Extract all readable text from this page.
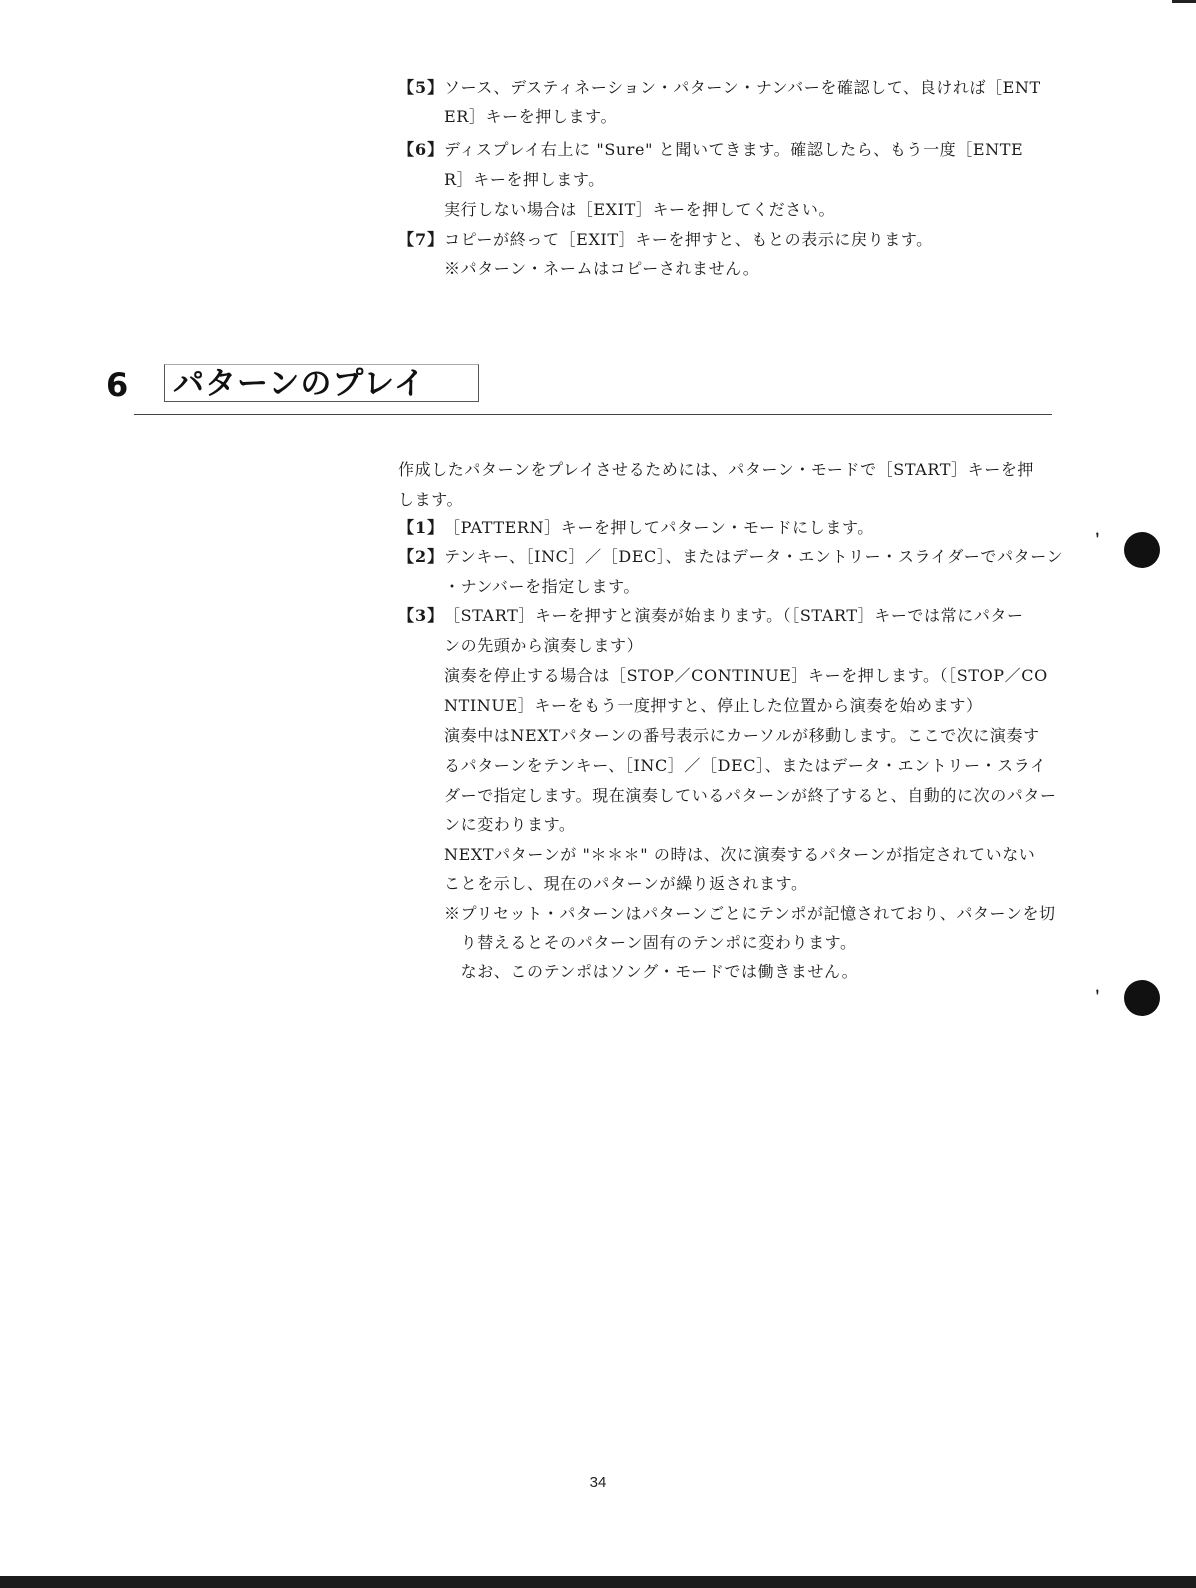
【5】ソース、デスティネーション・パターン・ナンバーを確認して、良ければ［ENT
ER］キーを押します。
【6】ディスプレイ右上に "Sure" と聞いてきます。確認したら、もう一度［ENTE
R］キーを押します。
実行しない場合は［EXIT］キーを押してください。
【7】コピーが終って［EXIT］キーを押すと、もとの表示に戻ります。
※パターン・ネームはコピーされません。
6 パターンのプレイ
作成したパターンをプレイさせるためには、パターン・モードで［START］キーを押
します。
【1】［PATTERN］キーを押してパターン・モードにします。
【2】テンキー、［INC］／［DEC］、またはデータ・エントリー・スライダーでパターン
・ナンバーを指定します。
【3】［START］キーを押すと演奏が始まります。（［START］キーでは常にパター
ンの先頭から演奏します）
演奏を停止する場合は［STOP／CONTINUE］キーを押します。（［STOP／CO
NTINUE］キーをもう一度押すと、停止した位置から演奏を始めます）
演奏中はNEXTパターンの番号表示にカーソルが移動します。ここで次に演奏す
るパターンをテンキー、［INC］／［DEC］、またはデータ・エントリー・スライ
ダーで指定します。現在演奏しているパターンが終了すると、自動的に次のパター
ンに変わります。
NEXTパターンが "＊＊＊" の時は、次に演奏するパターンが指定されていない
ことを示し、現在のパターンが繰り返されます。
※プリセット・パターンはパターンごとにテンポが記憶されており、パターンを切
　り替えるとそのパターン固有のテンポに変わります。
　なお、このテンポはソング・モードでは働きません。
ʼ
ʼ
34
